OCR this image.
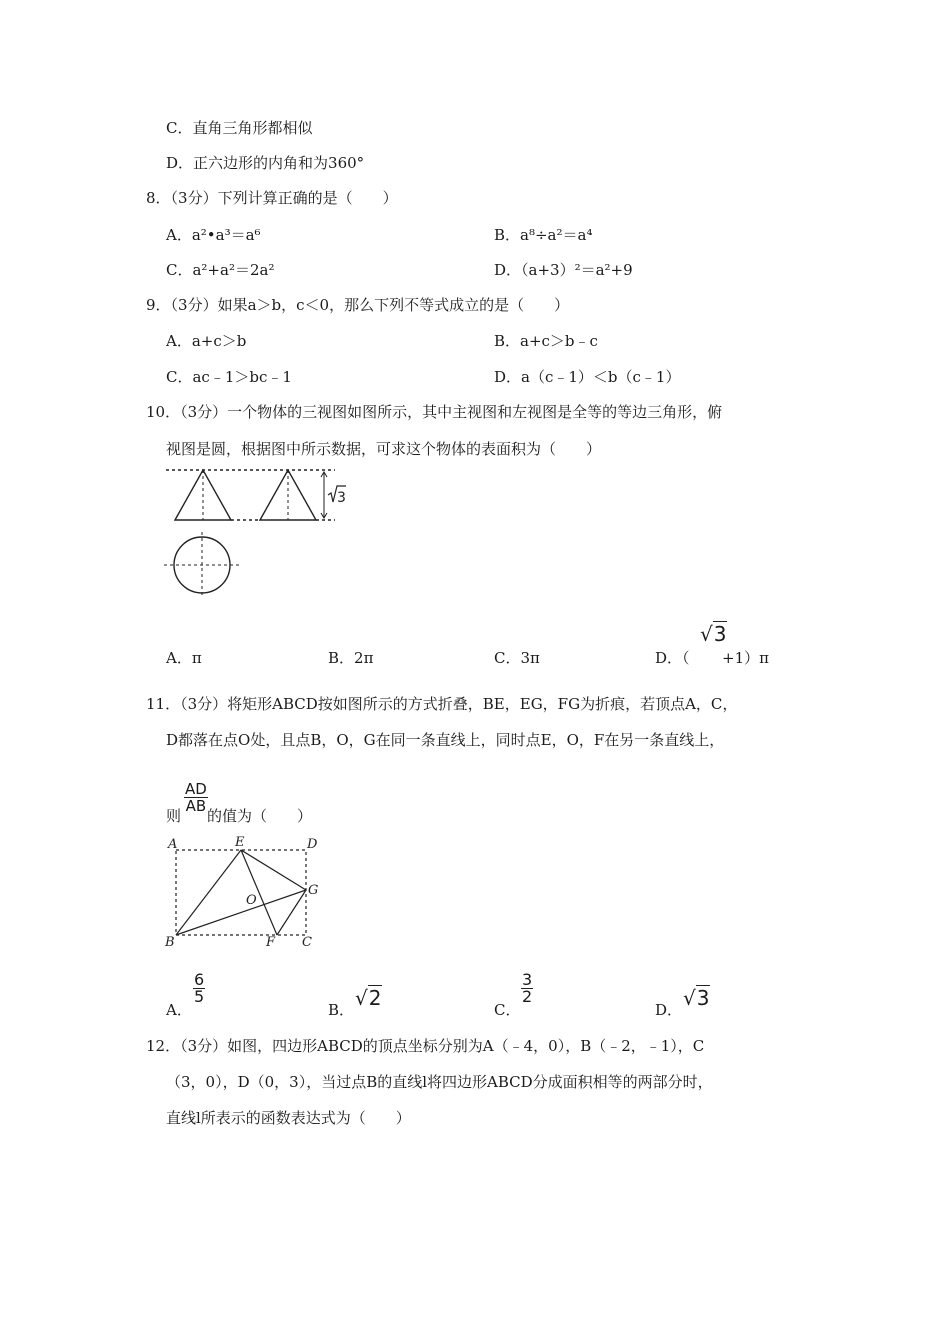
C．直角三角形都相似
D．正六边形的内角和为360°
8．（3分）下列计算正确的是（　　）
A．a²•a³＝a⁶	B．a⁸÷a²＝a⁴
C．a²+a²＝2a²	D．（a+3）²＝a²+9
9．（3分）如果a＞b，c＜0，那么下列不等式成立的是（　　）
A．a+c＞b	B．a+c＞b﹣c
C．ac﹣1＞bc﹣1	D．a（c﹣1）＜b（c﹣1）
10．（3分）一个物体的三视图如图所示，其中主视图和左视图是全等的等边三角形，俯
视图是圆，根据图中所示数据，可求这个物体的表面积为（　　）
3
A．π	B．2π	C．3π	D．（
√3
+1）π
11．（3分）将矩形ABCD按如图所示的方式折叠，BE，EG，FG为折痕，若顶点A，C，
D都落在点O处，且点B，O，G在同一条直线上，同时点E，O，F在另一条直线上，
则
$\frac{AD}{AB}$
的值为（　　）
A
B	C
D
E
F
G
O
A．
$\frac{6}{5}$
B． √2	C．
$\frac{3}{2}$
D． √3
12．（3分）如图，四边形ABCD的顶点坐标分别为A（﹣4，0），B（﹣2，﹣1），C
（3，0），D（0，3），当过点B的直线l将四边形ABCD分成面积相等的两部分时，
直线l所表示的函数表达式为（　　）
